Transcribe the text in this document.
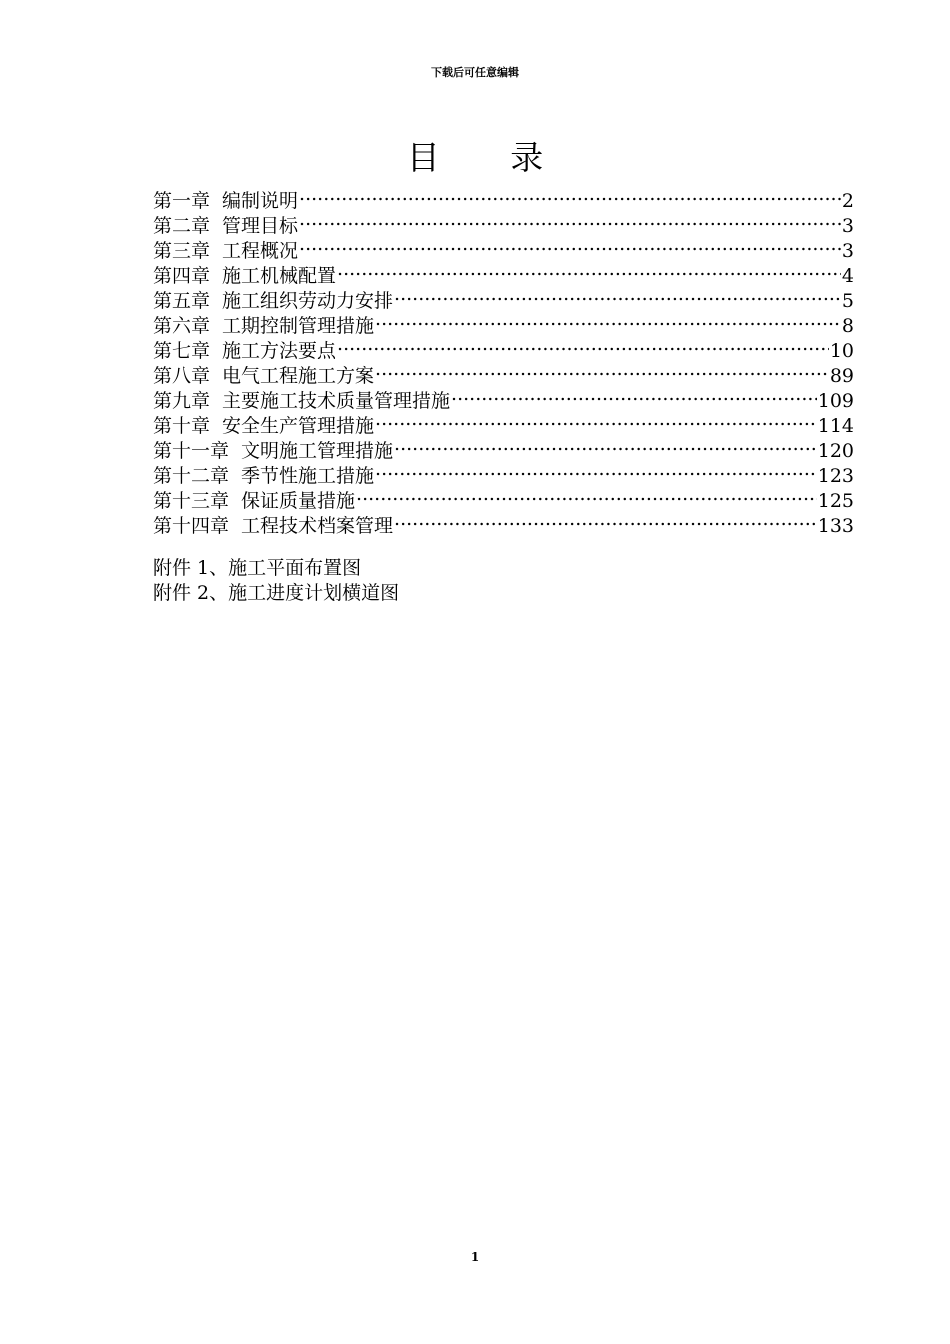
下载后可任意编辑
目 录
第一章 编制说明 .....	2
第二章 管理目标 .....	3
第三章 工程概况 .....	3
第四章 施工机械配置 .....	4
第五章 施工组织劳动力安排 .....	5
第六章 工期控制管理措施 .....	8
第七章 施工方法要点 .....	10
第八章 电气工程施工方案 .....	89
第九章 主要施工技术质量管理措施 .....	109
第十章 安全生产管理措施 .....	114
第十一章 文明施工管理措施 .....	120
第十二章 季节性施工措施 .....	123
第十三章 保证质量措施 .....	125
第十四章 工程技术档案管理 .....	133
附件 1、施工平面布置图
附件 2、施工进度计划横道图
1
